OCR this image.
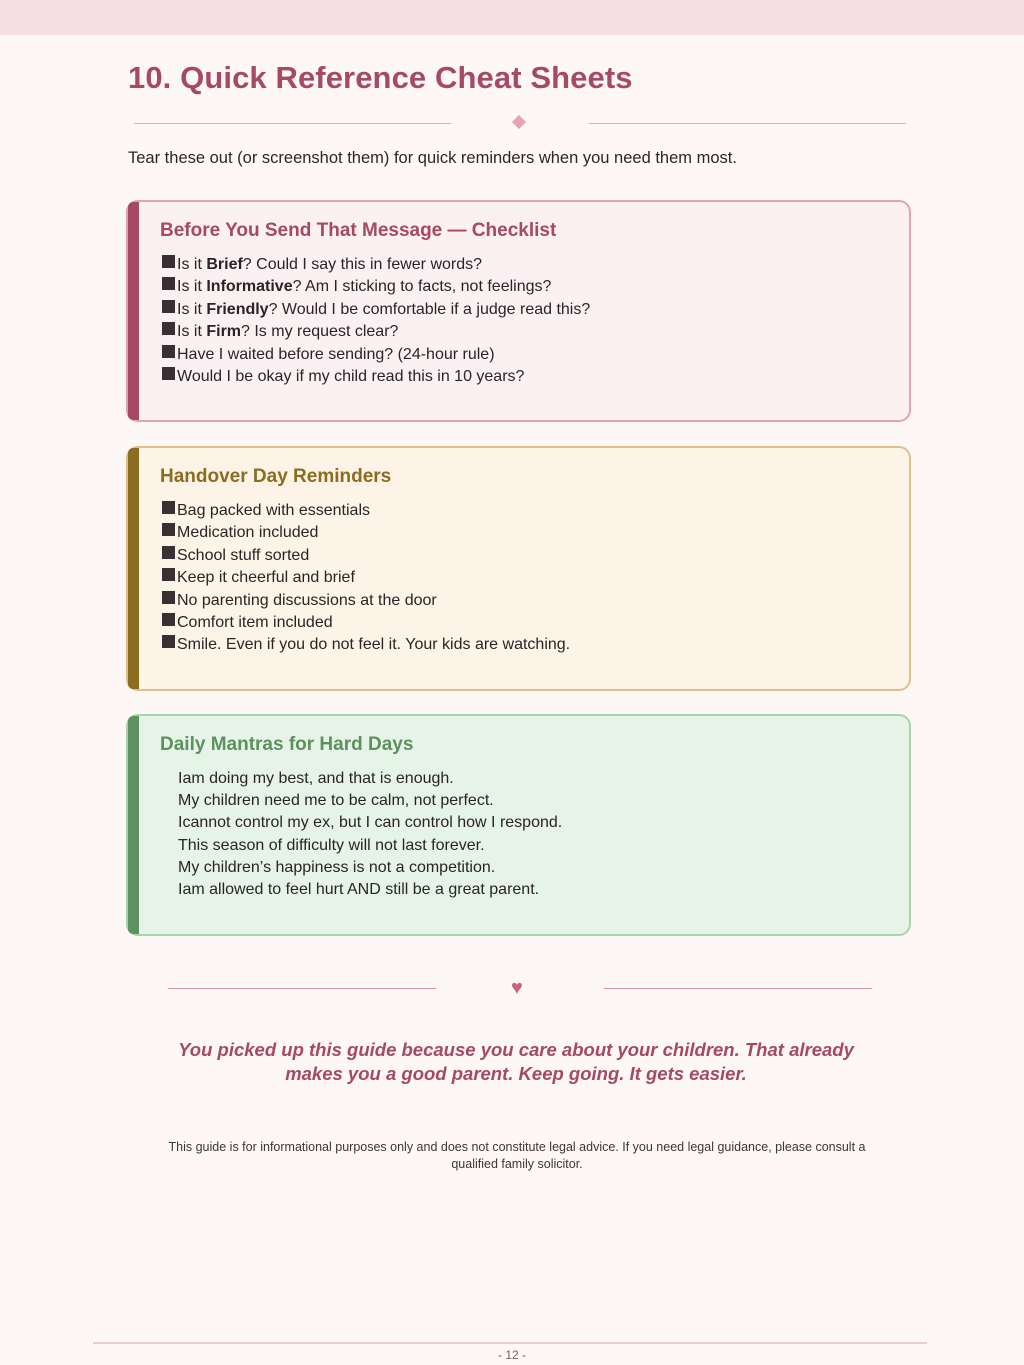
10. Quick Reference Cheat Sheets

Tear these out (or screenshot them) for quick reminders when you need them most.

Before You Send That Message — Checklist
Is it Brief? Could I say this in fewer words?
Is it Informative? Am I sticking to facts, not feelings?
Is it Friendly? Would I be comfortable if a judge read this?
Is it Firm? Is my request clear?
Have I waited before sending? (24-hour rule)
Would I be okay if my child read this in 10 years?
Handover Day Reminders
Bag packed with essentials
Medication included
School stuff sorted
Keep it cheerful and brief
No parenting discussions at the door
Comfort item included
Smile. Even if you do not feel it. Your kids are watching.
Daily Mantras for Hard Days
Iam doing my best, and that is enough.
My children need me to be calm, not perfect.
Icannot control my ex, but I can control how I respond.
This season of difficulty will not last forever.
My children’s happiness is not a competition.
Iam allowed to feel hurt AND still be a great parent.
♥

You picked up this guide because you care about your children. That already makes you a good parent. Keep going. It gets easier.

This guide is for informational purposes only and does not constitute legal advice. If you need legal guidance, please consult a qualified family solicitor.

- 12 -
